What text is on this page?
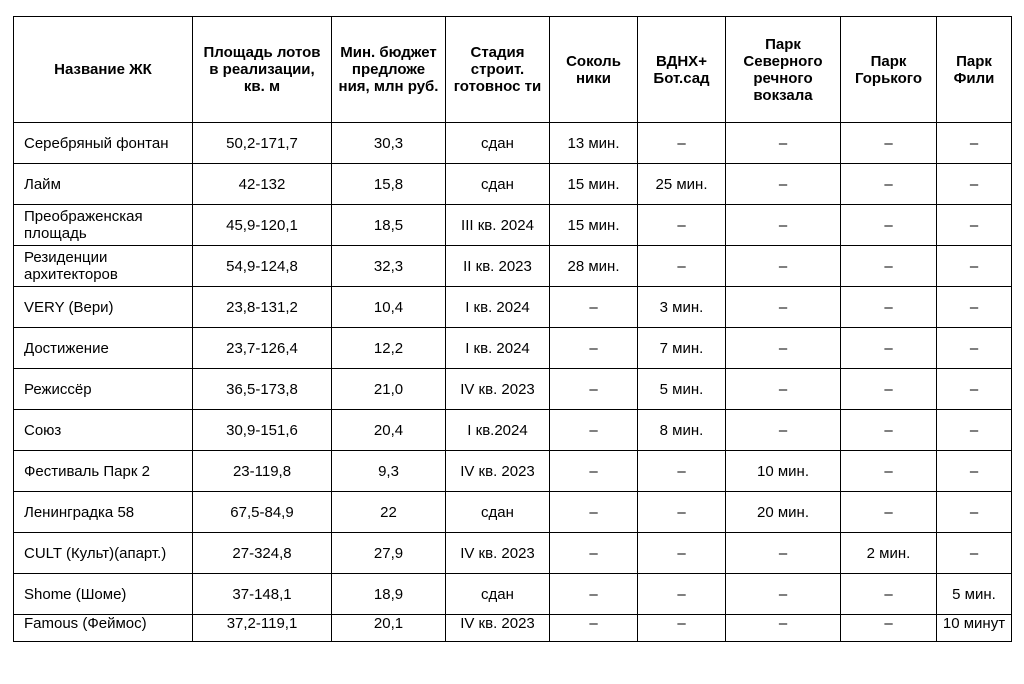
Название ЖК	Площадь лотов в реализации, кв. м	Мин. бюджет предложе ния, млн руб.	Стадия строит. готовнос ти	Соколь ники	ВДНХ+ Бот.сад	Парк Северного речного вокзала	Парк Горького	Парк Фили

Серебряный фонтан	50,2-171,7	30,3	сдан	13 мин.	–	–	–	–

Лайм	42-132	15,8	сдан	15 мин.	25 мин.	–	–	–

Преображенская площадь	45,9-120,1	18,5	III кв. 2024	15 мин.	–	–	–	–

Резиденции архитекторов	54,9-124,8	32,3	II кв. 2023	28 мин.	–	–	–	–

VERY (Вери)	23,8-131,2	10,4	I кв. 2024	–	3 мин.	–	–	–

Достижение	23,7-126,4	12,2	I кв. 2024	–	7 мин.	–	–	–

Режиссёр	36,5-173,8	21,0	IV кв. 2023	–	5 мин.	–	–	–

Союз	30,9-151,6	20,4	I кв.2024	–	8 мин.	–	–	–

Фестиваль Парк 2	23-119,8	9,3	IV кв. 2023	–	–	10 мин.	–	–

Ленинградка 58	67,5-84,9	22	сдан	–	–	20 мин.	–	–

CULT (Культ)(апарт.)	27-324,8	27,9	IV кв. 2023	–	–	–	2 мин.	–

Shome (Шоме)	37-148,1	18,9	сдан	–	–	–	–	5 мин.

Famous (Феймос)	37,2-119,1	20,1	IV кв. 2023	–	–	–	–	10 минут
